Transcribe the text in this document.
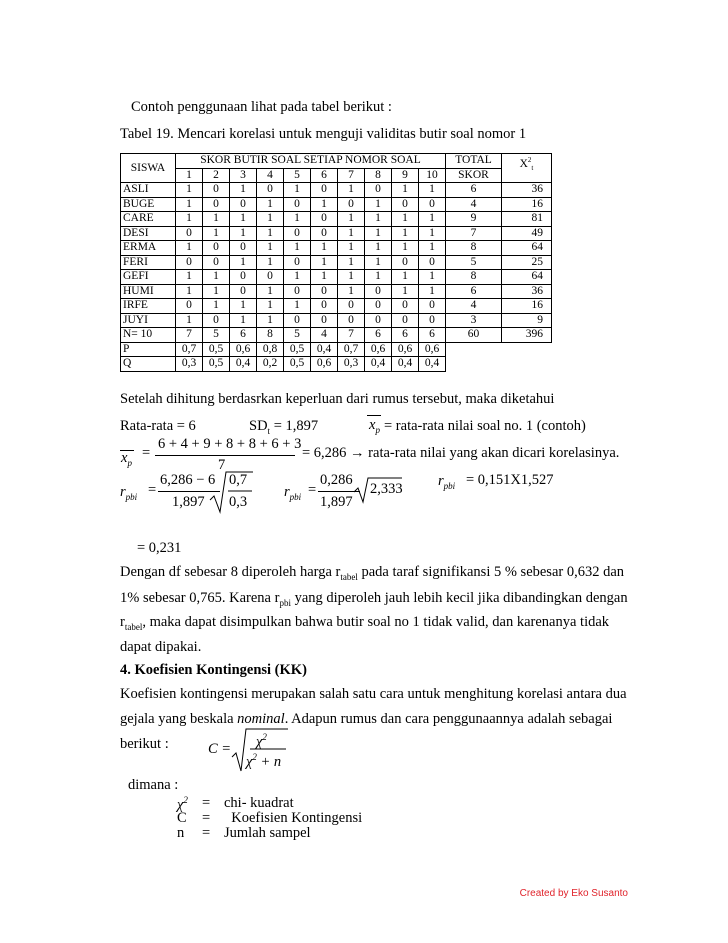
Contoh penggunaan lihat pada tabel berikut :
Tabel 19. Mencari korelasi untuk menguji validitas butir soal nomor 1
SISWA	SKOR BUTIR SOAL SETIAP NOMOR SOAL										TOTAL	$X^2_t$
	1	2	3	4	5	6	7	8	9	10	SKOR	
ASLI	1	0	1	0	1	0	1	0	1	1	6	36
BUGE	1	0	0	1	0	1	0	1	0	0	4	16
CARE	1	1	1	1	1	0	1	1	1	1	9	81
DESI	0	1	1	1	0	0	1	1	1	1	7	49
ERMA	1	0	0	1	1	1	1	1	1	1	8	64
FERI	0	0	1	1	0	1	1	1	0	0	5	25
GEFI	1	1	0	0	1	1	1	1	1	1	8	64
HUMI	1	1	0	1	0	0	1	0	1	1	6	36
IRFE	0	1	1	1	1	0	0	0	0	0	4	16
JUYI	1	0	1	1	0	0	0	0	0	0	3	9
N= 10	7	5	6	8	5	4	7	6	6	6	60	396
P	0,7	0,5	0,6	0,8	0,5	0,4	0,7	0,6	0,6	0,6		
Q	0,3	0,5	0,4	0,2	0,5	0,6	0,3	0,4	0,4	0,4		
Setelah dihitung berdasrkan keperluan dari rumus tersebut, maka diketahui
Rata-rata = 6	$SD_t = 1,897$	$x_p$ = rata-rata nilai soal no. 1 (contoh)
$x_p$
=
6 + 4 + 9 + 8 + 8 + 6 + 3
7
= 6,286 → rata-rata nilai yang akan dicari korelasinya.
$r_{pbi}$ =
6,286 − 6
1,897
0,7
0,3
$r_{pbi}$ =
0,286
1,897
2,333 $r_{pbi} = 0,151X1,527$
= 0,231
Dengan df sebesar 8 diperoleh harga $r_{tabel}$ pada taraf signifikansi 5 % sebesar 0,632 dan
1% sebesar 0,765. Karena $r_{pbi}$ yang diperoleh jauh lebih kecil jika dibandingkan dengan
$r_{tabel}$, maka dapat disimpulkan bahwa butir soal no 1 tidak valid, dan karenanya tidak
dapat dipakai.
4. Koefisien Kontingensi (KK)
Koefisien kontingensi merupakan salah satu cara untuk menghitung korelasi antara dua
gejala yang beskala nominal. Adapun rumus dan cara penggunaannya adalah sebagai
berikut :	$C = \chi^2$
$\chi^2 + n$
dimana :
$\chi^2 = chi-$ kuadrat
C = Koefisien Kontingensi
n = Jumlah sampel
Created by Eko Susanto
